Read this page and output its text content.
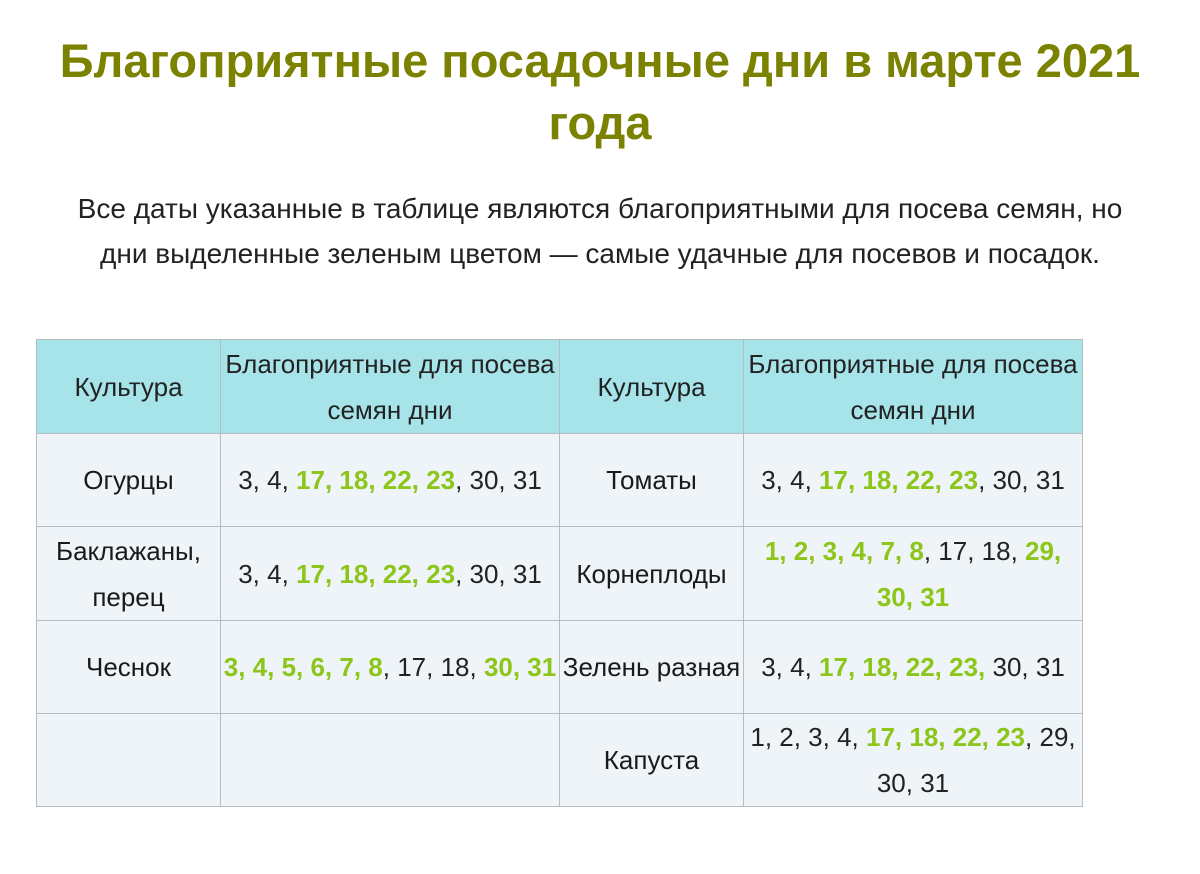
Благоприятные посадочные дни в марте 2021 года

Все даты указанные в таблице являются благоприятными для посева семян, но дни выделенные зеленым цветом — самые удачные для посевов и посадок.

Культура	Благоприятные для посева семян дни	Культура	Благоприятные для посева семян дни
Огурцы	3, 4, 17, 18, 22, 23, 30, 31	Томаты	3, 4, 17, 18, 22, 23, 30, 31
Баклажаны, перец	3, 4, 17, 18, 22, 23, 30, 31	Корнеплоды	1, 2, 3, 4, 7, 8, 17, 18, 29, 30, 31
Чеснок	3, 4, 5, 6, 7, 8, 17, 18, 30, 31	Зелень разная	3, 4, 17, 18, 22, 23, 30, 31
		Капуста	1, 2, 3, 4, 17, 18, 22, 23, 29, 30, 31
